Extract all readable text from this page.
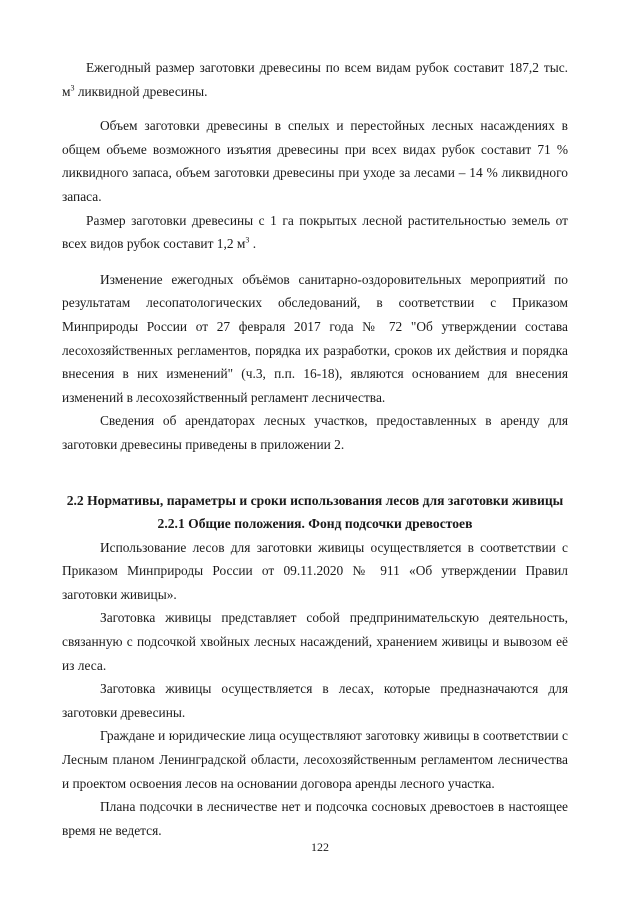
Ежегодный размер заготовки древесины по всем видам рубок составит 187,2 тыс. $м^3$ ликвидной древесины.

Объем заготовки древесины в спелых и перестойных лесных насаждениях в общем объеме возможного изъятия древесины при всех видах рубок составит 71 % ликвидного запаса, объем заготовки древесины при уходе за лесами – 14 % ликвидного запаса.

Размер заготовки древесины с 1 га покрытых лесной растительностью земель от всех видов рубок составит 1,2 $м^3$ .

Изменение ежегодных объёмов санитарно-оздоровительных мероприятий по результатам лесопатологических обследований, в соответствии с Приказом Минприроды России от 27 февраля 2017 года № 72 "Об утверждении состава лесохозяйственных регламентов, порядка их разработки, сроков их действия и порядка внесения в них изменений" (ч.3, п.п. 16-18), являются основанием для внесения изменений в лесохозяйственный регламент лесничества.

Сведения об арендаторах лесных участков, предоставленных в аренду для заготовки древесины приведены в приложении 2.

2.2 Нормативы, параметры и сроки использования лесов для заготовки живицы

2.2.1 Общие положения. Фонд подсочки древостоев

Использование лесов для заготовки живицы осуществляется в соответствии с Приказом Минприроды России от 09.11.2020 № 911 «Об утверждении Правил заготовки живицы».

Заготовка живицы представляет собой предпринимательскую деятельность, связанную с подсочкой хвойных лесных насаждений, хранением живицы и вывозом её из леса.

Заготовка живицы осуществляется в лесах, которые предназначаются для заготовки древесины.

Граждане и юридические лица осуществляют заготовку живицы в соответствии с Лесным планом Ленинградской области, лесохозяйственным регламентом лесничества и проектом освоения лесов на основании договора аренды лесного участка.

Плана подсочки в лесничестве нет и подсочка сосновых древостоев в настоящее время не ведется.

122
